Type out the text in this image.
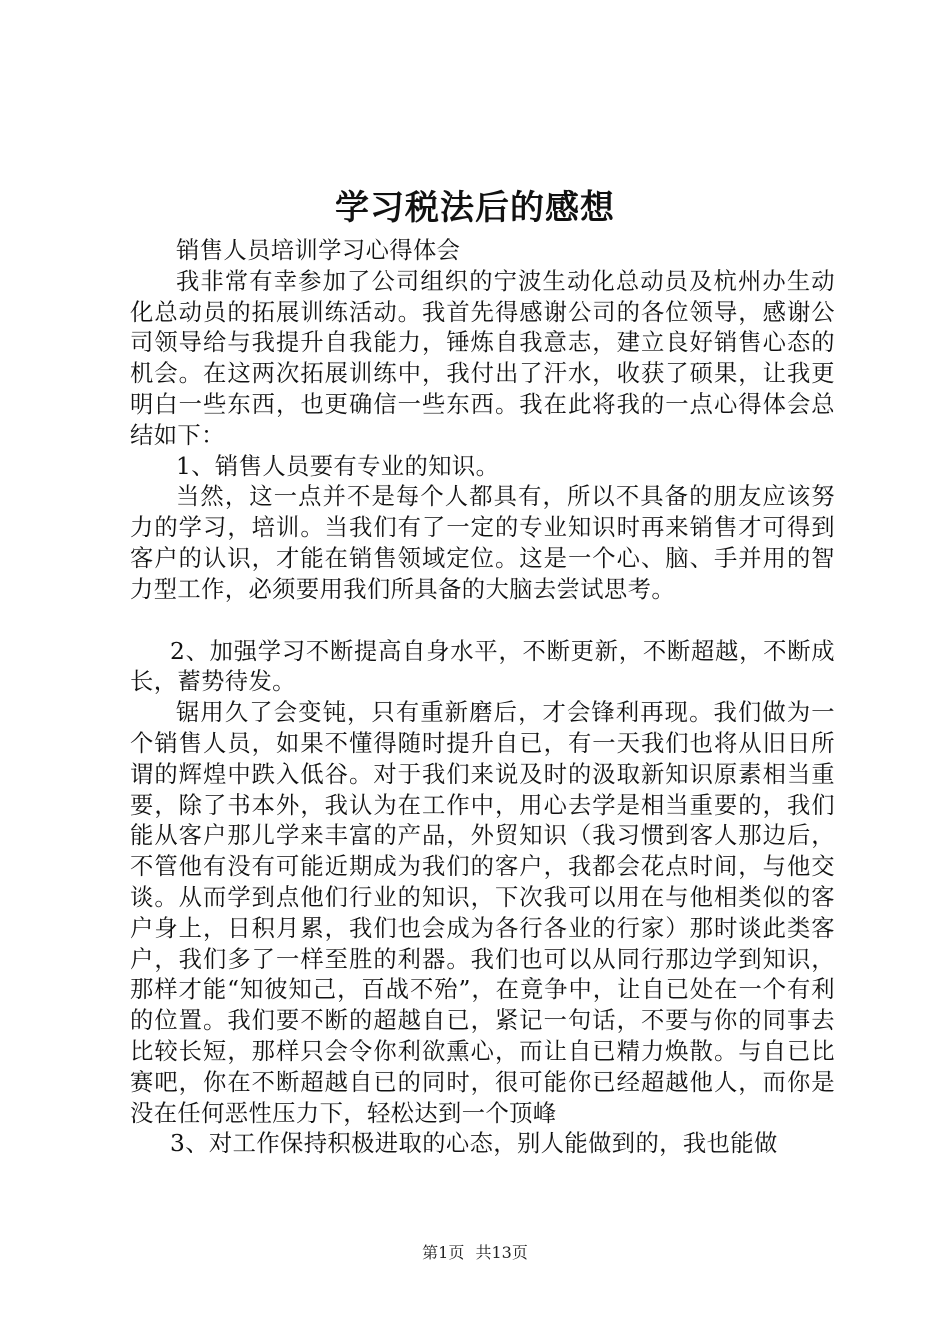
学习税法后的感想

销售人员培训学习心得体会

我非常有幸参加了公司组织的宁波生动化总动员及杭州办生动化总动员的拓展训练活动。我首先得感谢公司的各位领导，感谢公司领导给与我提升自我能力，锤炼自我意志，建立良好销售心态的机会。在这两次拓展训练中，我付出了汗水，收获了硕果，让我更明白一些东西，也更确信一些东西。我在此将我的一点心得体会总结如下：

1、销售人员要有专业的知识。

当然，这一点并不是每个人都具有，所以不具备的朋友应该努力的学习，培训。当我们有了一定的专业知识时再来销售才可得到客户的认识，才能在销售领域定位。这是一个心、脑、手并用的智力型工作，必须要用我们所具备的大脑去尝试思考。

2、加强学习不断提高自身水平，不断更新，不断超越，不断成长，蓄势待发。

锯用久了会变钝，只有重新磨后，才会锋利再现。我们做为一个销售人员，如果不懂得随时提升自已，有一天我们也将从旧日所谓的辉煌中跌入低谷。对于我们来说及时的汲取新知识原素相当重要，除了书本外，我认为在工作中，用心去学是相当重要的，我们能从客户那儿学来丰富的产品，外贸知识（我习惯到客人那边后，不管他有没有可能近期成为我们的客户，我都会花点时间，与他交谈。从而学到点他们行业的知识，下次我可以用在与他相类似的客户身上，日积月累，我们也会成为各行各业的行家）那时谈此类客户，我们多了一样至胜的利器。我们也可以从同行那边学到知识，那样才能“知彼知己，百战不殆”，在竟争中，让自已处在一个有利的位置。我们要不断的超越自已，紧记一句话，不要与你的同事去比较长短，那样只会令你利欲熏心，而让自已精力焕散。与自已比赛吧，你在不断超越自已的同时，很可能你已经超越他人，而你是没在任何恶性压力下，轻松达到一个顶峰

3、对工作保持积极进取的心态，别人能做到的，我也能做

第1页 共13页
